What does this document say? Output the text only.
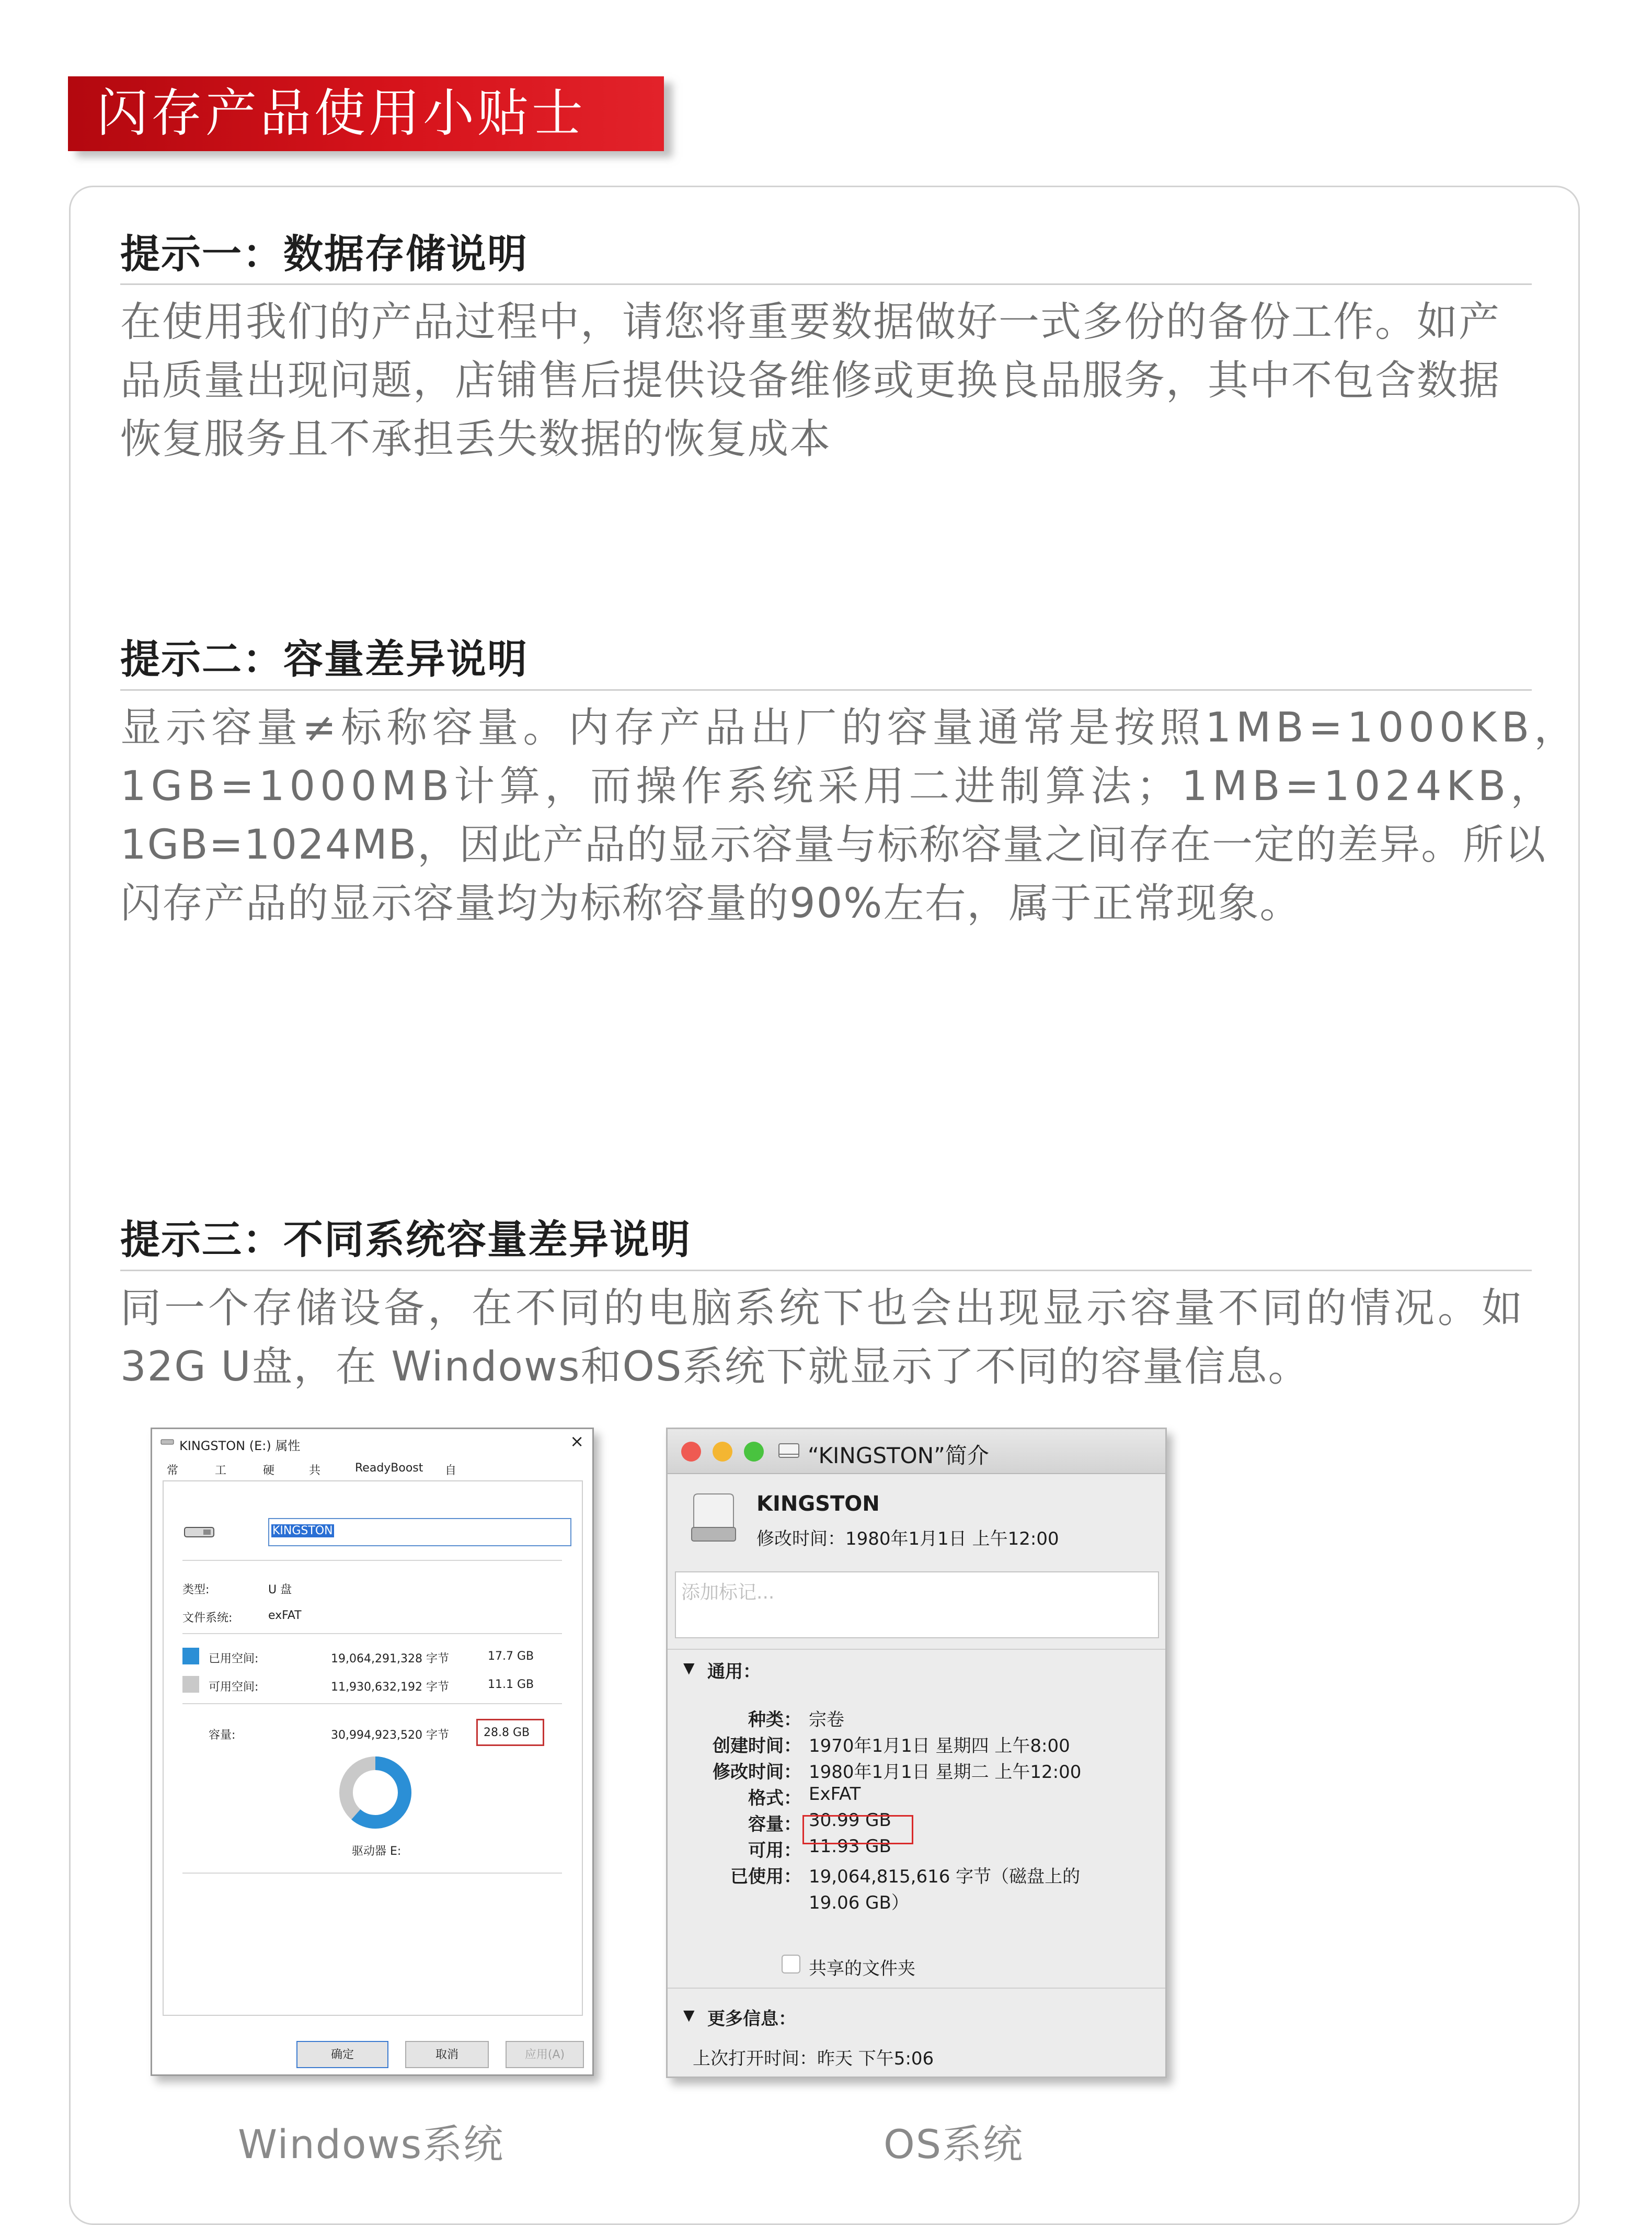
闪存产品使用小贴士
提示一：数据存储说明

在使用我们的产品过程中，请您将重要数据做好一式多份的备份工作。如产
品质量出现问题，店铺售后提供设备维修或更换良品服务，其中不包含数据
恢复服务且不承担丢失数据的恢复成本

提示二：容量差异说明

显示容量≠标称容量。内存产品出厂的容量通常是按照1MB=1000KB，
1GB=1000MB计算，而操作系统采用二进制算法；1MB=1024KB，
1GB=1024MB，因此产品的显示容量与标称容量之间存在一定的差异。所以
闪存产品的显示容量均为标称容量的90%左右，属于正常现象。

提示三：不同系统容量差异说明

同一个存储设备，在不同的电脑系统下也会出现显示容量不同的情况。如
32G U盘，在 Windows和OS系统下就显示了不同的容量信息。

KINGSTON (E:) 属性	×
常	工	硬	共	ReadyBoost 自
KINGSTON
类型:	U 盘
文件系统:	exFAT
已用空间:	19,064,291,328 字节	17.7 GB
可用空间:	11,930,632,192 字节	11.1 GB
容量:	30,994,923,520 字节	28.8 GB
驱动器 E:
确定	取消	应用(A)
“KINGSTON”简介
KINGSTON
修改时间：1980年1月1日 上午12:00
添加标记...
▼ 通用：
种类： 宗卷
创建时间： 1970年1月1日 星期四 上午8:00
修改时间： 1980年1月1日 星期二 上午12:00
格式： ExFAT
容量： 30.99 GB
可用： 11.93 GB
已使用： 19,064,815,616 字节（磁盘上的
19.06 GB）
共享的文件夹
▼ 更多信息：
上次打开时间：昨天 下午5:06
Windows系统	OS系统
